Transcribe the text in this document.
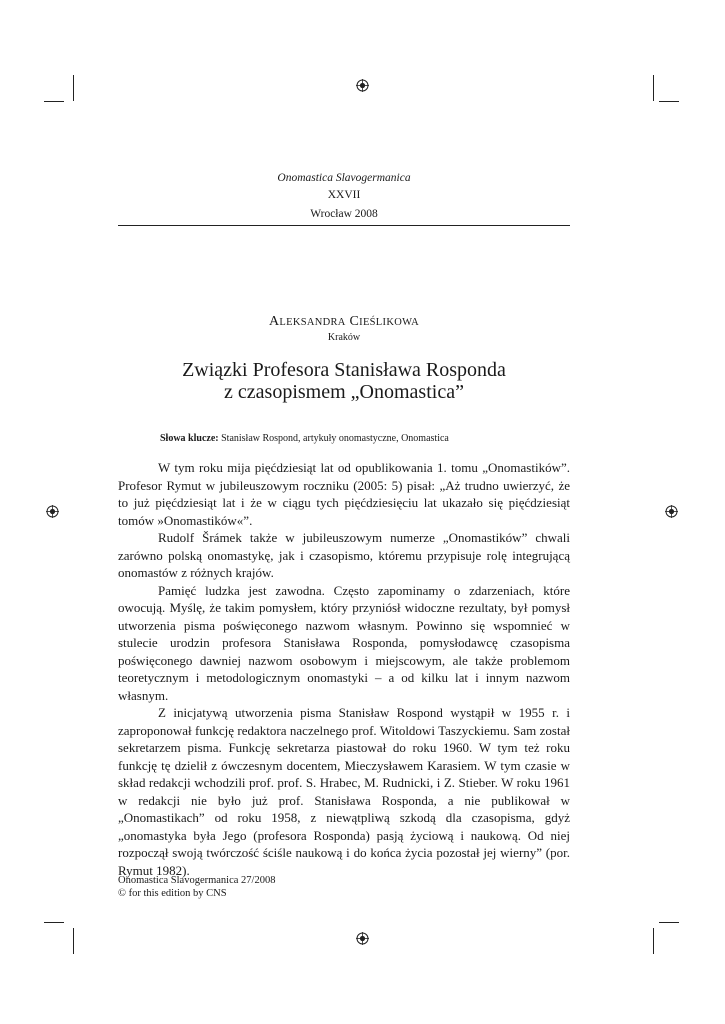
Onomastica Slavogermanica
XXVII
Wrocław 2008
ALEKSANDRA CIEŚLIKOWA
Kraków
Związki Profesora Stanisława Rosponda
z czasopismem „Onomastica”
Słowa klucze: Stanisław Rospond, artykuły onomastyczne, Onomastica

W tym roku mija pięćdziesiąt lat od opublikowania 1. tomu „Onomastików”. Profesor Rymut w jubileuszowym roczniku (2005: 5) pisał: „Aż trudno uwierzyć, że to już pięćdziesiąt lat i że w ciągu tych pięćdziesięciu lat ukazało się pięćdziesiąt tomów »Onomastików«”.

Rudolf Šrámek także w jubileuszowym numerze „Onomastików” chwali zarówno polską onomastykę, jak i czasopismo, któremu przypisuje rolę integrującą onomastów z różnych krajów.

Pamięć ludzka jest zawodna. Często zapominamy o zdarzeniach, które owocują. Myślę, że takim pomysłem, który przyniósł widoczne rezultaty, był pomysł utworzenia pisma poświęconego nazwom własnym. Powinno się wspomnieć w stulecie urodzin profesora Stanisława Rosponda, pomysłodawcę czasopisma poświęconego dawniej nazwom osobowym i miejscowym, ale także problemom teoretycznym i metodologicznym onomastyki – a od kilku lat i innym nazwom własnym.

Z inicjatywą utworzenia pisma Stanisław Rospond wystąpił w 1955 r. i zaproponował funkcję redaktora naczelnego prof. Witoldowi Taszyckiemu. Sam został sekretarzem pisma. Funkcję sekretarza piastował do roku 1960. W tym też roku funkcję tę dzielił z ówczesnym docentem, Mieczysławem Karasiem. W tym czasie w skład redakcji wchodzili prof. prof. S. Hrabec, M. Rudnicki, i Z. Stieber. W roku 1961 w redakcji nie było już prof. Stanisława Rosponda, a nie publikował w „Onomastikach” od roku 1958, z niewątpliwą szkodą dla czasopisma, gdyż „onomastyka była Jego (profesora Rosponda) pasją życiową i naukową. Od niej rozpoczął swoją twórczość ściśle naukową i do końca życia pozostał jej wierny” (por. Rymut 1982).

Onomastica Slavogermanica 27/2008
© for this edition by CNS
